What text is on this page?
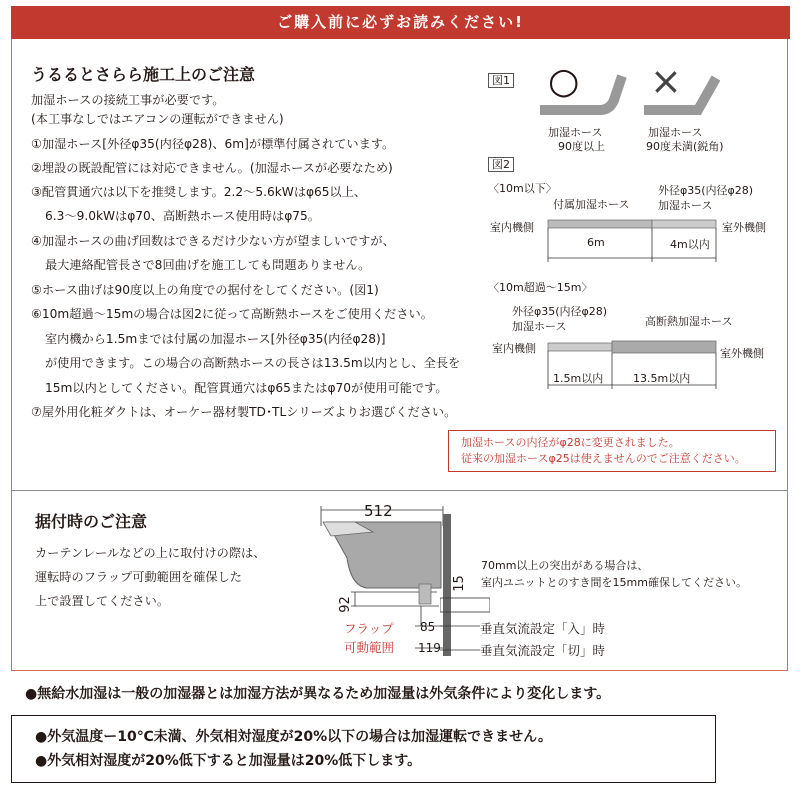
ご購入前に必ずお読みください!
うるるとさらら施工上のご注意
加湿ホースの接続工事が必要です。
(本工事なしではエアコンの運転ができません)
①加湿ホース[外径φ35(内径φ28)、6m]が標準付属されています。
②埋設の既設配管には対応できません。(加湿ホースが必要なため)
③配管貫通穴は以下を推奨します。2.2〜5.6kWはφ65以上、
6.3〜9.0kWはφ70、高断熱ホース使用時はφ75。
④加湿ホースの曲げ回数はできるだけ少ない方が望ましいですが、
最大連絡配管長さで8回曲げを施工しても問題ありません。
⑤ホース曲げは90度以上の角度での据付をしてください。(図1)
⑥10m超過〜15mの場合は図2に従って高断熱ホースをご使用ください。
室内機から1.5mまでは付属の加湿ホース[外径φ35(内径φ28)]
が使用できます。この場合の高断熱ホースの長さは13.5m以内とし、全長を
15m以内としてください。配管貫通穴はφ65またはφ70が使用可能です。
⑦屋外用化粧ダクトは、オーケー器材製TD･TLシリーズよりお選びください。
図1 ○ ×
加湿ホース
90度以上
加湿ホース
90度未満(鋭角)
図2
〈10m以下〉
付属加湿ホース
外径φ35(内径φ28)
加湿ホース
室内機側	室外機側
6m	4m以内
〈10m超過〜15m〉
外径φ35(内径φ28)
加湿ホース	高断熱加湿ホース
室内機側	室外機側
1.5m以内	13.5m以内
加湿ホースの内径がφ28に変更されました。
従来の加湿ホースφ25は使えませんのでご注意ください。
据付時のご注意
カーテンレールなどの上に取付けの際は、
運転時のフラップ可動範囲を確保した
上で設置してください。
512
92
15
85
119
垂直気流設定「入」時
垂直気流設定「切」時
フラップ
可動範囲
70mm以上の突出がある場合は、
室内ユニットとのすき間を15mm確保してください。
●無給水加湿は一般の加湿器とは加湿方法が異なるため加湿量は外気条件により変化します。
●外気温度ー10℃未満、外気相対湿度が20%以下の場合は加湿運転できません。
●外気相対湿度が20%低下すると加湿量は20%低下します。
